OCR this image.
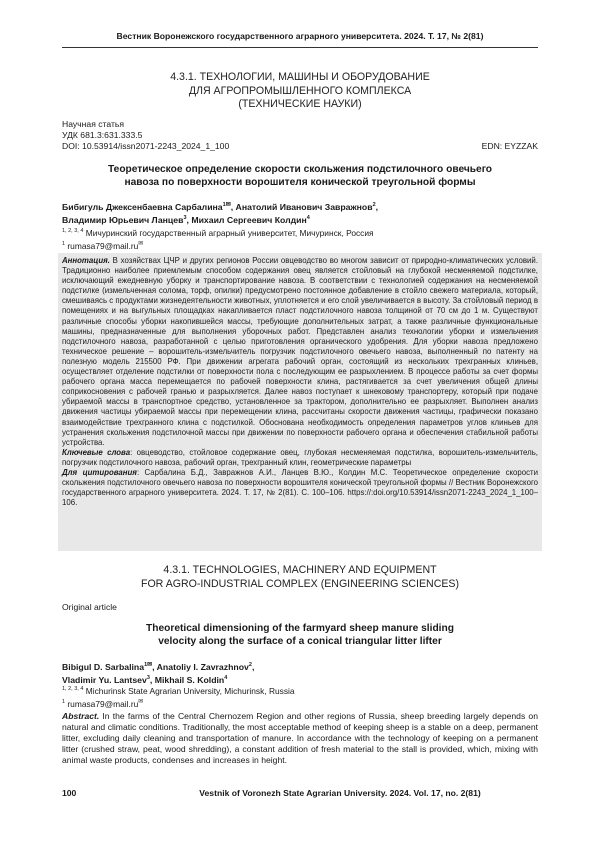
Вестник Воронежского государственного аграрного университета. 2024. Т. 17, № 2(81)
4.3.1. ТЕХНОЛОГИИ, МАШИНЫ И ОБОРУДОВАНИЕ
ДЛЯ АГРОПРОМЫШЛЕННОГО КОМПЛЕКСА
(ТЕХНИЧЕСКИЕ НАУКИ)
Научная статья
УДК 681.3:631.333.5
DOI: 10.53914/issn2071-2243_2024_1_100	EDN: EYZZAK
Теоретическое определение скорости скольжения подстилочного овечьего
навоза по поверхности ворошителя конической треугольной формы
Бибигуль Джексенбаевна Сарбалина$^{1✉}$, Анатолий Иванович Завражнов$^2$,
Владимир Юрьевич Ланцев$^3$, Михаил Сергеевич Колдин$^4$
$^{1, 2, 3, 4}$ Мичуринский государственный аграрный университет, Мичуринск, Россия
$^1$ rumasa79@mail.ru✉
Аннотация. В хозяйствах ЦЧР и других регионов России овцеводство во многом зависит от природно-климатических условий. Традиционно наиболее приемлемым способом содержания овец является стойловый на глубокой несменяемой подстилке, исключающий ежедневную уборку и транспортирование навоза. В соответствии с технологией содержания на несменяемой подстилке (измельченная солома, торф, опилки) предусмотрено постоянное добавление в стойло свежего материала, который, смешиваясь с продуктами жизнедеятельности животных, уплотняется и его слой увеличивается в высоту. За стойловый период в помещениях и на выгульных площадках накапливается пласт подстилочного навоза толщиной от 70 см до 1 м. Существуют различные способы уборки накопившейся массы, требующие дополнительных затрат, а также различные функциональные машины, предназначенные для выполнения уборочных работ. Представлен анализ технологии уборки и измельчения подстилочного навоза, разработанной с целью приготовления органического удобрения. Для уборки навоза предложено техническое решение – ворошитель-измельчитель погрузчик подстилочного овечьего навоза, выполненный по патенту на полезную модель 215500 РФ. При движении агрегата рабочий орган, состоящий из нескольких трехгранных клиньев, осуществляет отделение подстилки от поверхности пола с последующим ее разрыхлением. В процессе работы за счет формы рабочего органа масса перемещается по рабочей поверхности клина, растягивается за счет увеличения общей длины соприкосновения с рабочей гранью и разрыхляется. Далее навоз поступает к шнековому транспортеру, который при подаче убираемой массы в транспортное средство, установленное за трактором, дополнительно ее разрыхляет. Выполнен анализ движения частицы убираемой массы при перемещении клина, рассчитаны скорости движения частицы, графически показано взаимодействие трехгранного клина с подстилкой. Обоснована необходимость определения параметров углов клиньев для устранения скольжения подстилочной массы при движении по поверхности рабочего органа и обеспечения стабильной работы устройства.
Ключевые слова: овцеводство, стойловое содержание овец, глубокая несменяемая подстилка, ворошитель-измельчитель, погрузчик подстилочного навоза, рабочий орган, трехгранный клин, геометрические параметры
Для цитирования: Сарбалина Б.Д., Завражнов А.И., Ланцев В.Ю., Колдин М.С. Теоретическое определение скорости скольжения подстилочного овечьего навоза по поверхности ворошителя конической треугольной формы // Вестник Воронежского государственного аграрного университета. 2024. Т. 17, № 2(81). С. 100–106. https://:doi.org/10.53914/issn2071-2243_2024_1_100–106.
4.3.1. TECHNOLOGIES, MACHINERY AND EQUIPMENT
FOR AGRO-INDUSTRIAL COMPLEX (ENGINEERING SCIENCES)
Original article
Theoretical dimensioning of the farmyard sheep manure sliding
velocity along the surface of a conical triangular litter lifter
Bibigul D. Sarbalina$^{1✉}$, Anatoliy I. Zavrazhnov$^2$,
Vladimir Yu. Lantsev$^3$, Mikhail S. Koldin$^4$
$^{1, 2, 3, 4}$ Michurinsk State Agrarian University, Michurinsk, Russia
$^1$ rumasa79@mail.ru✉
Abstract. In the farms of the Central Chernozem Region and other regions of Russia, sheep breeding largely depends on natural and climatic conditions. Traditionally, the most acceptable method of keeping sheep is a stable on a deep, permanent litter, excluding daily cleaning and transportation of manure. In accordance with the technology of keeping on a permanent litter (crushed straw, peat, wood shredding), a constant addition of fresh material to the stall is provided, which, mixing with animal waste products, condenses and increases in height.
100	Vestnik of Voronezh State Agrarian University. 2024. Vol. 17, no. 2(81)
